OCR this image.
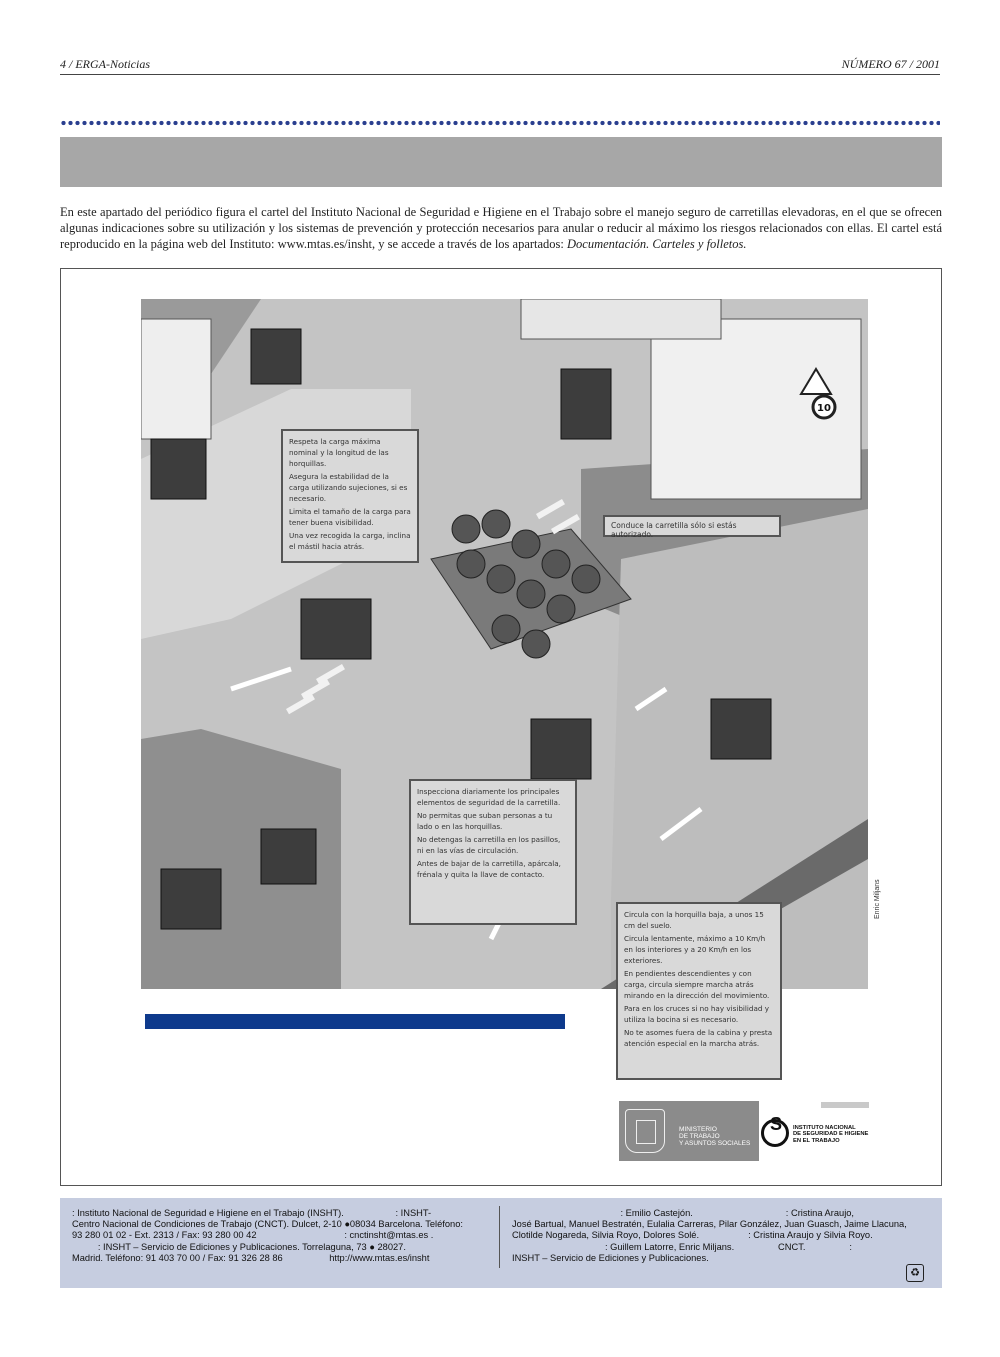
4 / ERGA-Noticias	NÚMERO 67 / 2001

En este apartado del periódico figura el cartel del Instituto Nacional de Seguridad e Higiene en el Trabajo sobre el manejo seguro de carretillas elevadoras, en el que se ofrecen algunas indicaciones sobre su utilización y los sistemas de prevención y protección necesarios para anular o reducir al máximo los riesgos relacionados con ellas. El cartel está reproducido en la página web del Instituto: www.mtas.es/insht, y se accede a través de los apartados: Documentación. Carteles y folletos.

10

Respeta la carga máxima nominal y la longitud de las horquillas.

Asegura la estabilidad de la carga utilizando sujeciones, si es necesario.

Limita el tamaño de la carga para tener buena visibilidad.

Una vez recogida la carga, inclina el mástil hacia atrás.

Conduce la carretilla sólo si estás autorizado.

Inspecciona diariamente los principales elementos de seguridad de la carretilla.

No permitas que suban personas a tu lado o en las horquillas.

No detengas la carretilla en los pasillos, ni en las vías de circulación.

Antes de bajar de la carretilla, apárcala, frénala y quita la llave de contacto.

Circula con la horquilla baja, a unos 15 cm del suelo.

Circula lentamente, máximo a 10 Km/h en los interiores y a 20 Km/h en los exteriores.

En pendientes descendientes y con carga, circula siempre marcha atrás mirando en la dirección del movimiento.

Para en los cruces si no hay visibilidad y utiliza la bocina si es necesario.

No te asomes fuera de la cabina y presta atención especial en la marcha atrás.

Enric Miljans
MINISTERIO
DE TRABAJO
Y ASUNTOS SOCIALES
S
INSTITUTO NACIONAL
DE SEGURIDAD E HIGIENE
EN EL TRABAJO

: Instituto Nacional de Seguridad e Higiene en el Trabajo (INSHT).                    : INSHT-

Centro Nacional de Condiciones de Trabajo (CNCT). Dulcet, 2-10 ●08034 Barcelona. Teléfono:

93 280 01 02 - Ext. 2313 / Fax: 93 280 00 42                                  : cnctinsht@mtas.es .

: INSHT – Servicio de Ediciones y Publicaciones. Torrelaguna, 73 ● 28027.

Madrid. Teléfono: 91 403 70 00 / Fax: 91 326 28 86                  http://www.mtas.es/insht

: Emilio Castejón.                                    : Cristina Araujo,

José Bartual, Manuel Bestratén, Eulalia Carreras, Pilar González, Juan Guasch, Jaime Llacuna,

Clotilde Nogareda, Silvia Royo, Dolores Solé.                   : Cristina Araujo y Silvia Royo.

: Guillem Latorre, Enric Miljans.                 CNCT.                 :

INSHT – Servicio de Ediciones y Publicaciones.

♻
